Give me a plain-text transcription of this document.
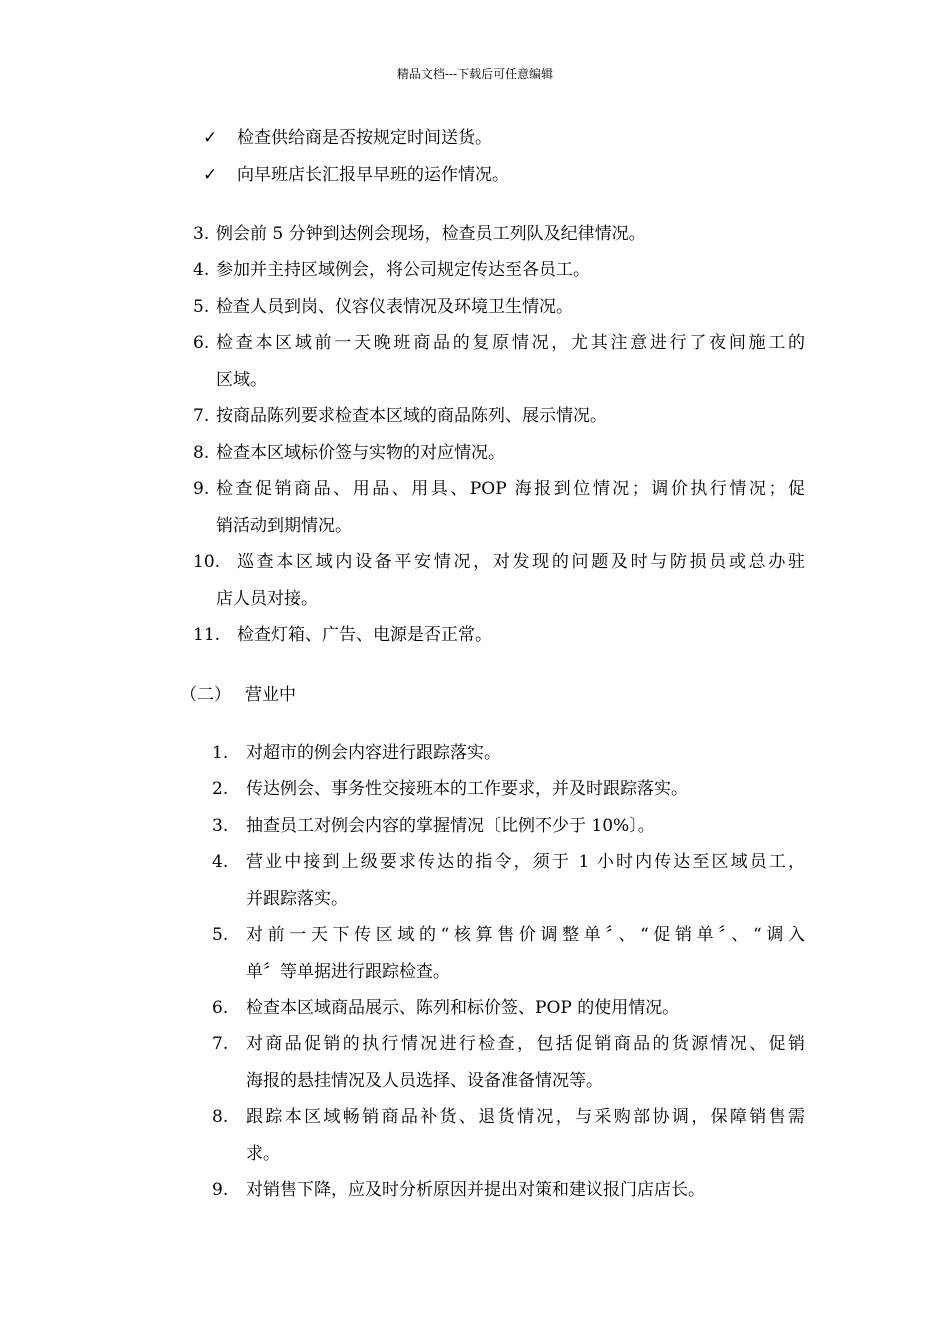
精品文档---下载后可任意编辑
✓ 检查供给商是否按规定时间送货。
✓ 向早班店长汇报早早班的运作情况。
3. 例会前 5 分钟到达例会现场，检查员工列队及纪律情况。
4. 参加并主持区域例会，将公司规定传达至各员工。
5. 检查人员到岗、仪容仪表情况及环境卫生情况。
6. 检查本区域前一天晚班商品的复原情况，尤其注意进行了夜间施工的
区域。
7. 按商品陈列要求检查本区域的商品陈列、展示情况。
8. 检查本区域标价签与实物的对应情况。
9. 检查促销商品、用品、用具、POP 海报到位情况；调价执行情况；促
销活动到期情况。
10. 巡查本区域内设备平安情况，对发现的问题及时与防损员或总办驻
店人员对接。
11. 检查灯箱、广告、电源是否正常。
（二） 营业中
1. 对超市的例会内容进行跟踪落实。
2. 传达例会、事务性交接班本的工作要求，并及时跟踪落实。
3. 抽查员工对例会内容的掌握情况〔比例不少于 10%〕。
4. 营业中接到上级要求传达的指令，须于 1 小时内传达至区域员工，
并跟踪落实。
5. 对前一天下传区域的“核算售价调整单〞、“促销单〞、“调入
单〞等单据进行跟踪检查。
6. 检查本区域商品展示、陈列和标价签、POP 的使用情况。
7. 对商品促销的执行情况进行检查，包括促销商品的货源情况、促销
海报的悬挂情况及人员选择、设备准备情况等。
8. 跟踪本区域畅销商品补货、退货情况，与采购部协调，保障销售需
求。
9. 对销售下降，应及时分析原因并提出对策和建议报门店店长。
